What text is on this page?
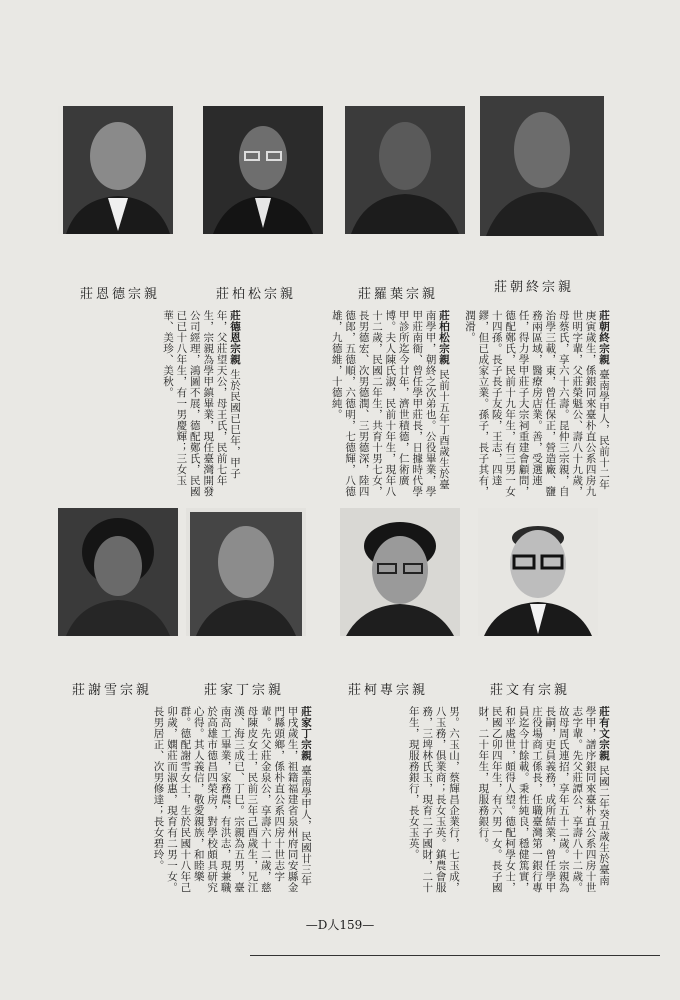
莊恩德宗親	莊柏松宗親	莊羅葉宗親	莊朝終宗親
莊朝終宗親 臺南學甲人，民前十二年庚寅歲生，係銀同來臺朴直公系四房九世明字輩，父莊榮魁公、壽八十九歲，母蔡氏，享六十六壽。昆仲三宗親，自治學三載，東，曾任保正，營造廠、鹽務兩區域，醫療房店業。善，受選連任，得力學甲莊子大宗祠重建會顧問，德配鄭氏，民前十九年生，有三男一女十四孫。長子長子友陵，王志，四達鏐，但已成家立業。孫子，長子其有，潤滑。
莊柏松宗親 民前十五年丁酉歲生於臺南學甲，朝終之次弟也。公役畢業，學甲莊南衙、曾任學甲莊長，日據時代學甲診所迄今廿年，濟世積德，仁術廣博。夫人陳氏淑，民前十年生，現年八十二歲，民國二年生，共育十男七女，長男德宏、次男德潤、三男德深，陸四德郎，五德順，六德明，七德輝，八德雄，九德維，十德純。
莊德恩宗親 生於民國已巳年，甲子年，父莊望天公，母王氏，民前七年生，宗親為學甲鎮畢業，現任臺灣開發公司經理，鴻圖不展，德配鄭氏，民國已已十八年生，有一男慶輝；三女玉華、美珍、美秋。
莊謝雪宗親	莊家丁宗親	莊柯專宗親	莊文有宗親
莊有文宗親 民國二年癸丑歲生於臺南學甲，譜序銀同來臺朴直公系四房十世志字輩。先父莊譚公，享壽八十二歲。故母周氏連招，享年五十二歲。宗親為長嗣，吏員義務，成所結業，曾任學甲庄役場商工係長，任職臺灣第一銀行專員迄今廿餘載。秉性純良，穩健篤實，和平處世，頗得人望。德配柯學女士，民國乙卯四年生，有六男一女。長子國財，二十年生，現服務銀行。
男。六玉山，蔡輝昌企業行，七玉成，八玉務，俱業商；長女玉英。鎮農會服務，三埤林氏玉，現育二子國財，二十年生，現服務銀行，長女玉英。
莊家丁宗親 臺南學甲人，民國廿三年甲戌歲生，祖籍福建省泉州府同安縣金門縣頭鄉，係朴直公系四房十世志字輩。先父莊金泉公，享壽六十二歲，慈母陳皮女士，民前三年己酉歲生，兄江漢、海三成已、丁巳。宗親為五男，臺南高工畢業，家務農，有洪志，現兼職於高雄市德昌四榮房，對學校頗具研究心得。其人義信，敬愛親族，和睦樂群。德配謝雪女士，生於民國十八年己卯歲，嫻莊而淑惠，現育有二男一女。長男居正、次男修達；長女碧玲。
—D人159—
